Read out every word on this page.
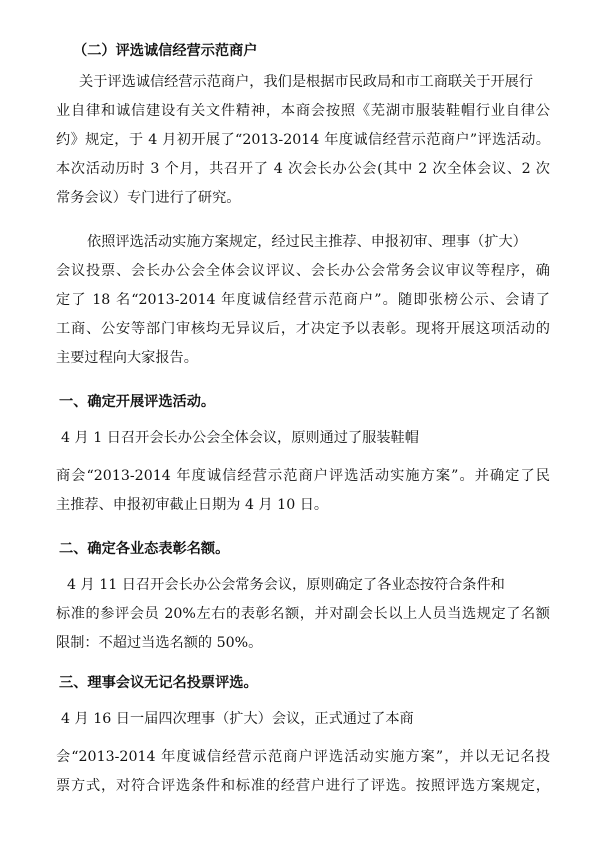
（二）评选诚信经营示范商户
关于评选诚信经营示范商户，我们是根据市民政局和市工商联关于开展行
业自律和诚信建设有关文件精神，本商会按照《芜湖市服装鞋帽行业自律公
约》规定，于 4 月初开展了“2013-2014 年度诚信经营示范商户”评选活动。
本次活动历时 3 个月，共召开了 4 次会长办公会(其中 2 次全体会议、2 次
常务会议）专门进行了研究。
依照评选活动实施方案规定，经过民主推荐、申报初审、理事（扩大）
会议投票、会长办公会全体会议评议、会长办公会常务会议审议等程序，确
定了 18 名“2013-2014 年度诚信经营示范商户”。随即张榜公示、会请了
工商、公安等部门审核均无异议后，才决定予以表彰。现将开展这项活动的
主要过程向大家报告。
一、确定开展评选活动。
4 月 1 日召开会长办公会全体会议，原则通过了服装鞋帽
商会“2013-2014 年度诚信经营示范商户评选活动实施方案”。并确定了民
主推荐、申报初审截止日期为 4 月 10 日。
二、确定各业态表彰名额。
4 月 11 日召开会长办公会常务会议，原则确定了各业态按符合条件和
标准的参评会员 20%左右的表彰名额，并对副会长以上人员当选规定了名额
限制：不超过当选名额的 50%。
三、理事会议无记名投票评选。
4 月 16 日一届四次理事（扩大）会议，正式通过了本商
会“2013-2014 年度诚信经营示范商户评选活动实施方案”，并以无记名投
票方式，对符合评选条件和标准的经营户进行了评选。按照评选方案规定，
